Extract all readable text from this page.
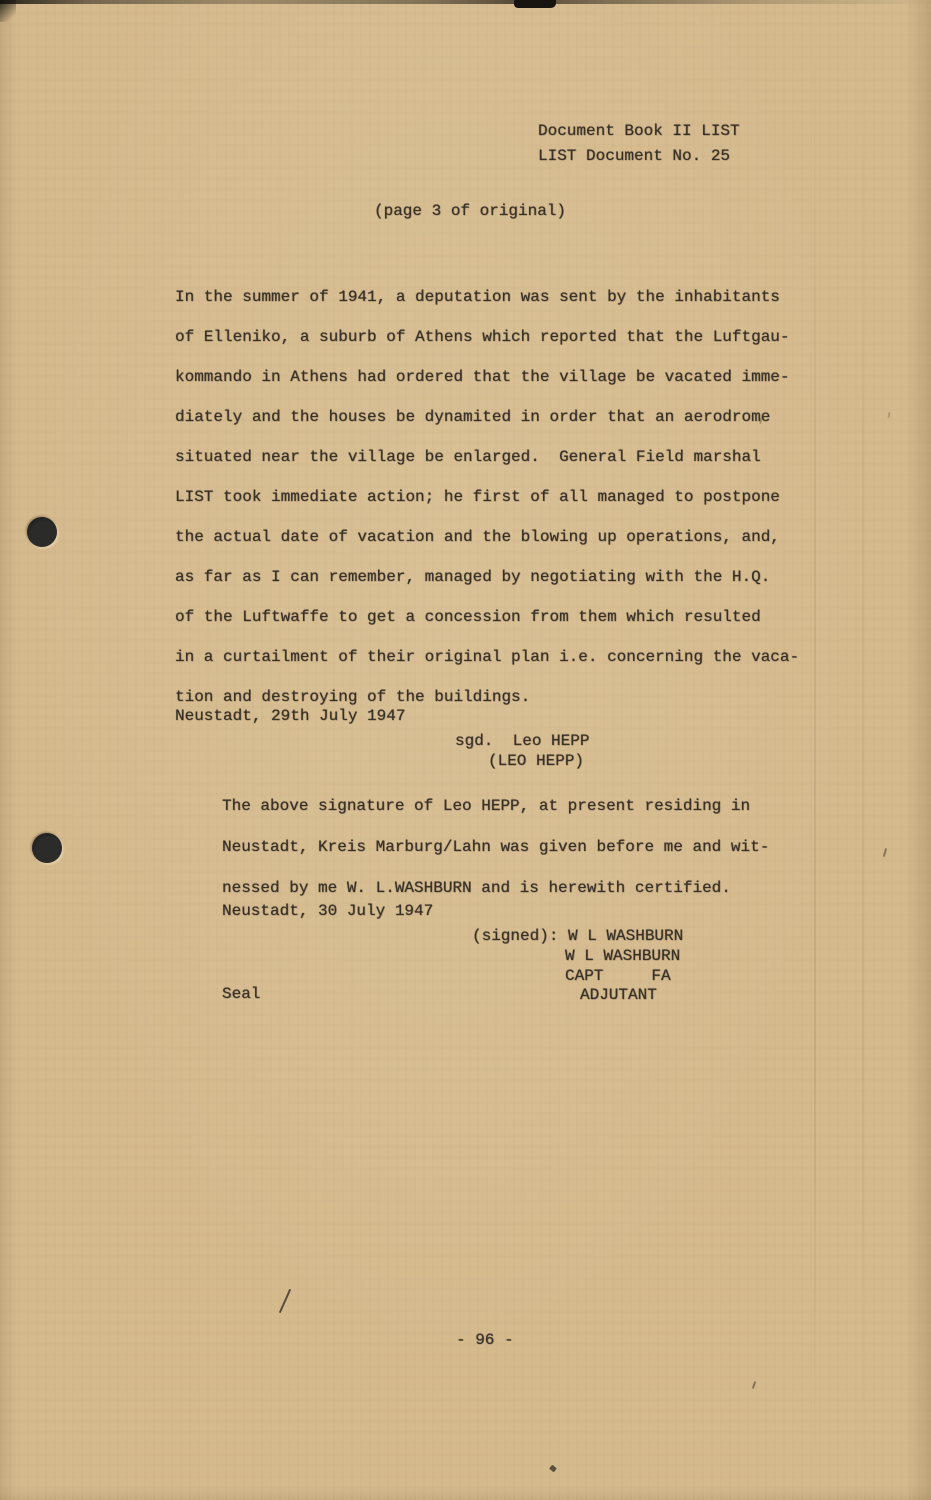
Document Book II LIST
LIST Document No. 25
(page 3 of original)
In the summer of 1941, a deputation was sent by the inhabitants
of Elleniko, a suburb of Athens which reported that the Luftgau-
kommando in Athens had ordered that the village be vacated imme-
diately and the houses be dynamited in order that an aerodrome
situated near the village be enlarged.  General Field marshal
LIST took immediate action; he first of all managed to postpone
the actual date of vacation and the blowing up operations, and,
as far as I can remember, managed by negotiating with the H.Q.
of the Luftwaffe to get a concession from them which resulted
in a curtailment of their original plan i.e. concerning the vaca-
tion and destroying of the buildings.
Neustadt, 29th July 1947
sgd.  Leo HEPP
(LEO HEPP)
The above signature of Leo HEPP, at present residing in
Neustadt, Kreis Marburg/Lahn was given before me and wit-
nessed by me W. L.WASHBURN and is herewith certified.
Neustadt, 30 July 1947
(signed): W L WASHBURN
W L WASHBURN
CAPT     FA
ADJUTANT
Seal
- 96 -
